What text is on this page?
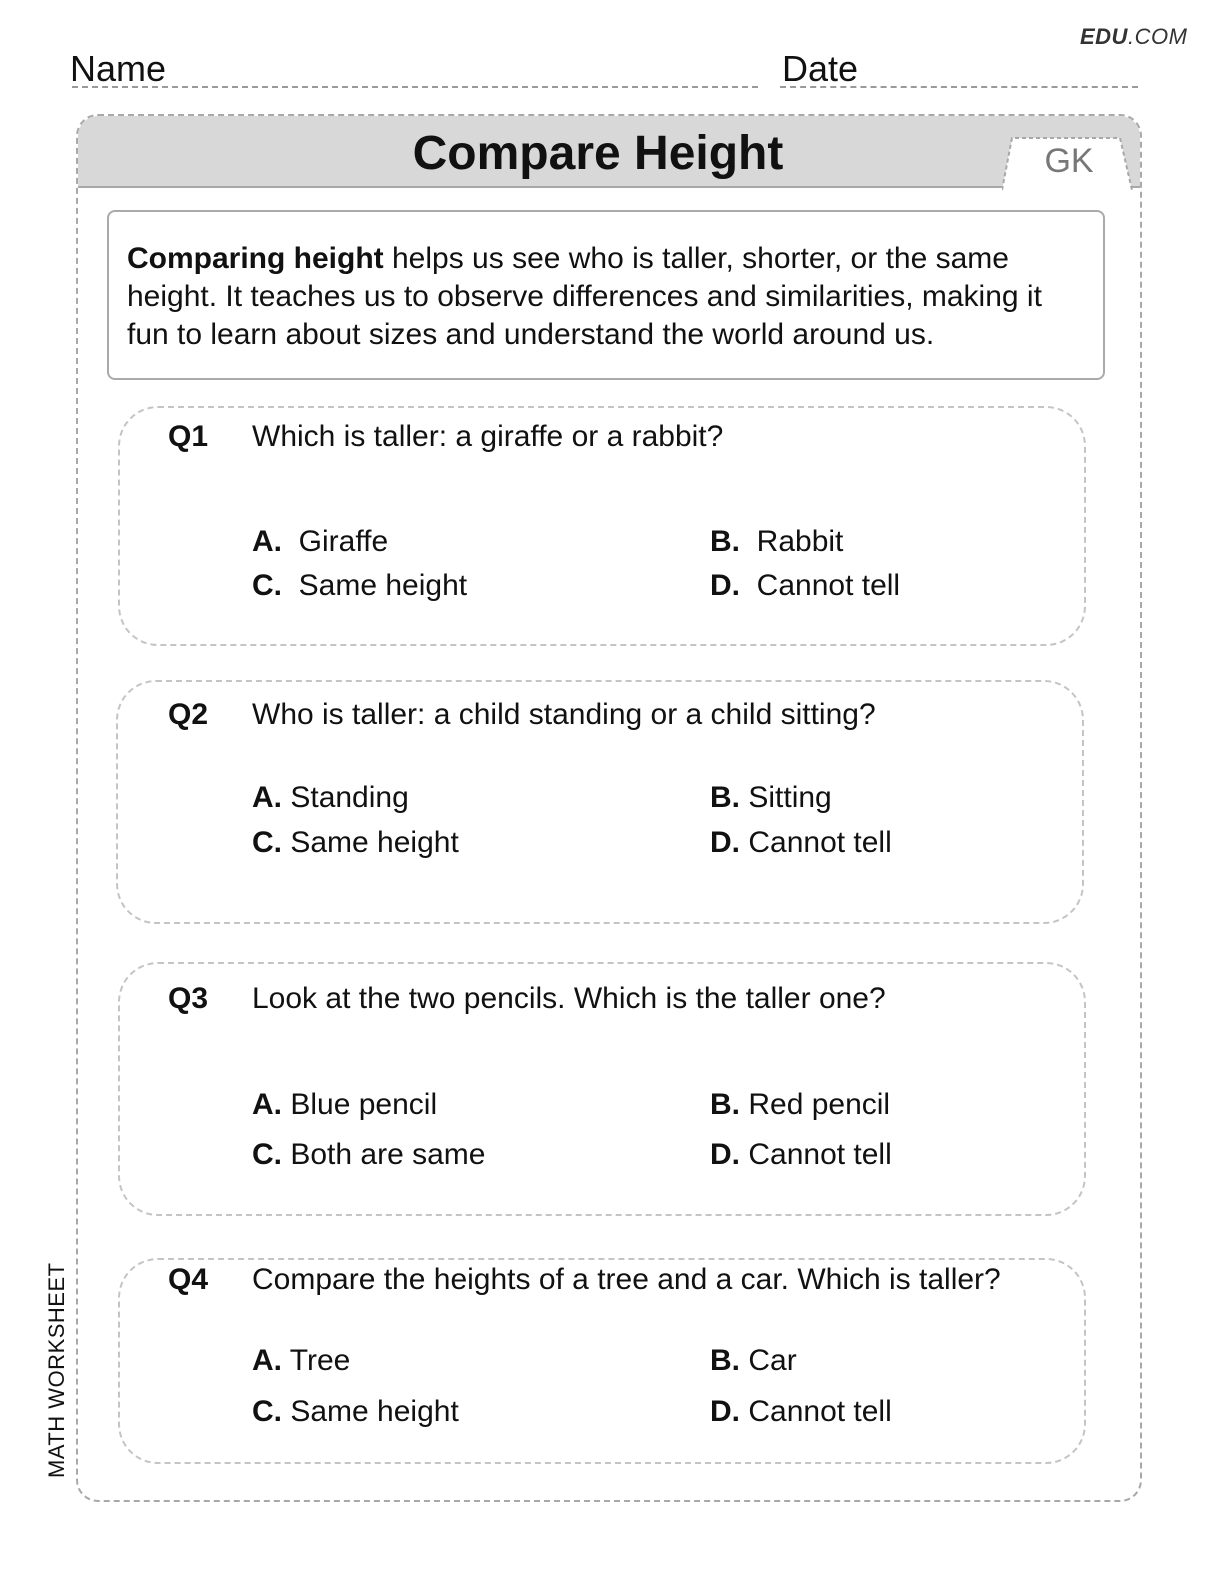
EDU.COM
Name	Date
Compare Height	GK
Comparing height helps us see who is taller, shorter, or the same height. It teaches us to observe differences and similarities, making it fun to learn about sizes and understand the world around us.
Q1 Which is taller: a giraffe or a rabbit?
A. Giraffe	B. Rabbit
C. Same height	D. Cannot tell
Q2 Who is taller: a child standing or a child sitting?
A. Standing	B. Sitting
C. Same height	D. Cannot tell
Q3 Look at the two pencils. Which is the taller one?
A. Blue pencil	B. Red pencil
C. Both are same	D. Cannot tell
Q4 Compare the heights of a tree and a car. Which is taller?
A. Tree	B. Car
C. Same height	D. Cannot tell
MATH WORKSHEET
